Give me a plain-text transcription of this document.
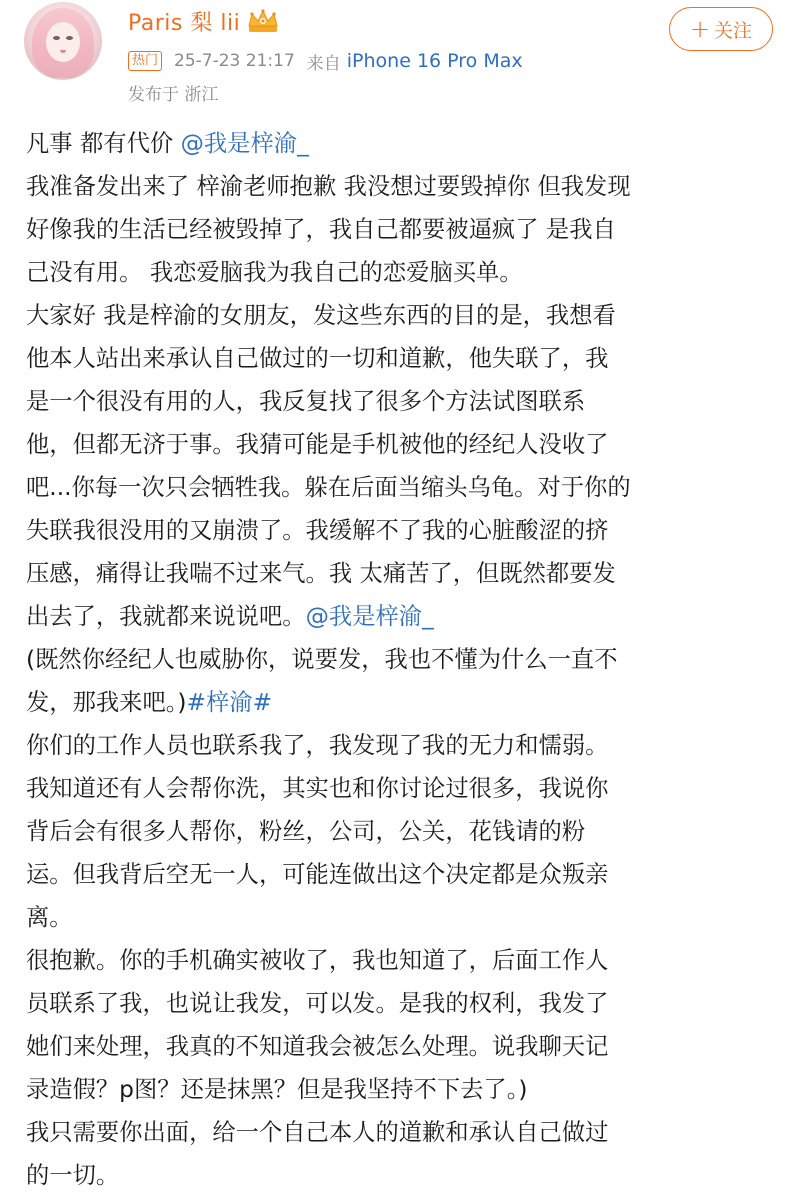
Paris 梨 lii
热门 25-7-23 21:17 来自 iPhone 16 Pro Max
发布于 浙江
+ 关注
凡事 都有代价 @我是梓渝_
我准备发出来了 梓渝老师抱歉 我没想过要毁掉你 但我发现
好像我的生活已经被毁掉了，我自己都要被逼疯了 是我自
己没有用。 我恋爱脑我为我自己的恋爱脑买单。
大家好 我是梓渝的女朋友，发这些东西的目的是，我想看
他本人站出来承认自己做过的一切和道歉，他失联了，我
是一个很没有用的人，我反复找了很多个方法试图联系
他，但都无济于事。我猜可能是手机被他的经纪人没收了
吧...你每一次只会牺牲我。躲在后面当缩头乌龟。对于你的
失联我很没用的又崩溃了。我缓解不了我的心脏酸涩的挤
压感，痛得让我喘不过来气。我 太痛苦了，但既然都要发
出去了，我就都来说说吧。@我是梓渝_
(既然你经纪人也威胁你，说要发，我也不懂为什么一直不
发，那我来吧。)#梓渝#
你们的工作人员也联系我了，我发现了我的无力和懦弱。
我知道还有人会帮你洗，其实也和你讨论过很多，我说你
背后会有很多人帮你，粉丝，公司，公关，花钱请的粉
运。但我背后空无一人，可能连做出这个决定都是众叛亲
离。
很抱歉。你的手机确实被收了，我也知道了，后面工作人
员联系了我，也说让我发，可以发。是我的权利，我发了
她们来处理，我真的不知道我会被怎么处理。说我聊天记
录造假？p图？还是抹黑？但是我坚持不下去了。)
我只需要你出面，给一个自己本人的道歉和承认自己做过
的一切。
